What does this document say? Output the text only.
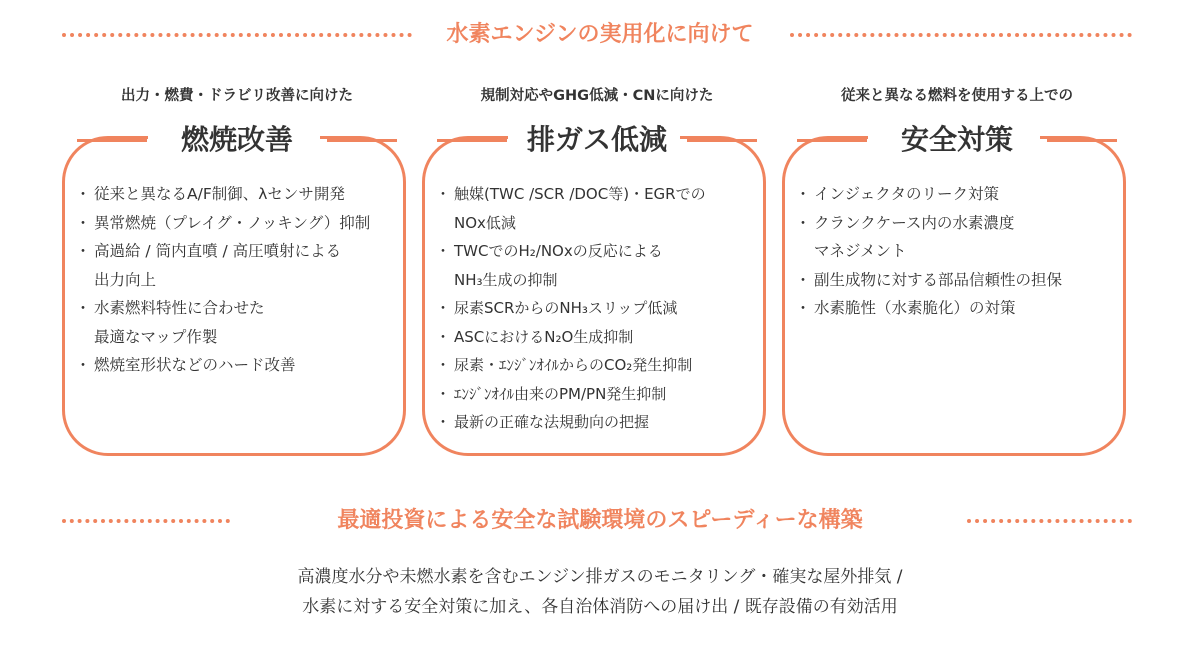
水素エンジンの実用化に向けて
出力・燃費・ドラビリ改善に向けた
燃焼改善
・ 従来と異なるA/F制御、λセンサ開発
・ 異常燃焼（プレイグ・ノッキング）抑制
・ 高過給 / 筒内直噴 / 高圧噴射による
出力向上
・ 水素燃料特性に合わせた
最適なマップ作製
・ 燃焼室形状などのハード改善
規制対応やGHG低減・CNに向けた
排ガス低減
・ 触媒(TWC /SCR /DOC等)・EGRでの
NOx低減
・ TWCでのH₂/NOxの反応による
NH₃生成の抑制
・ 尿素SCRからのNH₃スリップ低減
・ ASCにおけるN₂O生成抑制
・ 尿素・ｴﾝｼﾞﾝｵｲﾙからのCO₂発生抑制
・ ｴﾝｼﾞﾝｵｲﾙ由来のPM/PN発生抑制
・ 最新の正確な法規動向の把握
従来と異なる燃料を使用する上での
安全対策
・ インジェクタのリーク対策
・ クランクケース内の水素濃度
マネジメント
・ 副生成物に対する部品信頼性の担保
・ 水素脆性（水素脆化）の対策
最適投資による安全な試験環境のスピーディーな構築
高濃度水分や未燃水素を含むエンジン排ガスのモニタリング・確実な屋外排気 /
水素に対する安全対策に加え、各自治体消防への届け出 / 既存設備の有効活用
